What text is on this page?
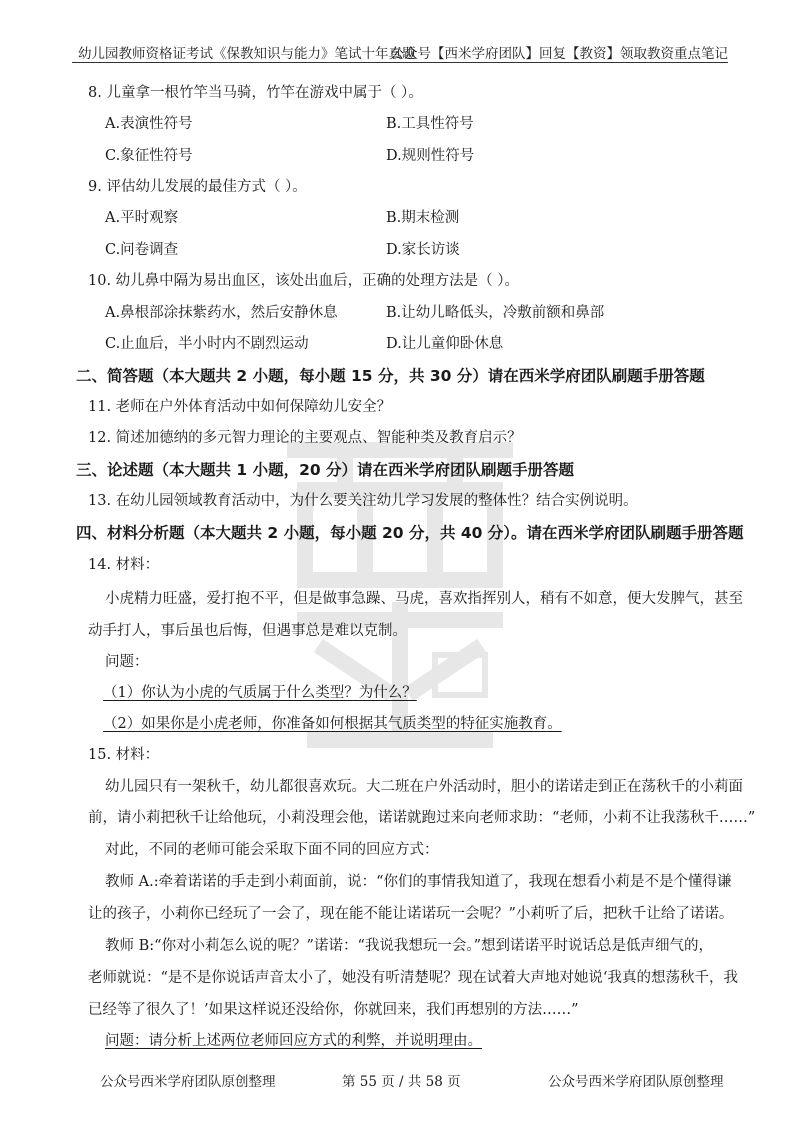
幼儿园教师资格证考试《保教知识与能力》笔试十年真题
公众号【西米学府团队】回复【教资】领取教资重点笔记
8. 儿童拿一根竹竿当马骑，竹竿在游戏中属于（ ）。
A.表演性符号	B.工具性符号
C.象征性符号	D.规则性符号
9. 评估幼儿发展的最佳方式（ ）。
A.平时观察	B.期末检测
C.问卷调查	D.家长访谈
10. 幼儿鼻中隔为易出血区，该处出血后，正确的处理方法是（ ）。
A.鼻根部涂抹紫药水，然后安静休息	B.让幼儿略低头，冷敷前额和鼻部
C.止血后，半小时内不剧烈运动	D.让儿童仰卧休息
二、简答题（本大题共 2 小题，每小题 15 分，共 30 分）请在西米学府团队刷题手册答题
11. 老师在户外体育活动中如何保障幼儿安全？
12. 简述加德纳的多元智力理论的主要观点、智能种类及教育启示？
三、论述题（本大题共 1 小题，20 分）请在西米学府团队刷题手册答题
13. 在幼儿园领域教育活动中，为什么要关注幼儿学习发展的整体性？结合实例说明。
四、材料分析题（本大题共 2 小题，每小题 20 分，共 40 分）。请在西米学府团队刷题手册答题
14. 材料：
小虎精力旺盛，爱打抱不平，但是做事急躁、马虎，喜欢指挥别人，稍有不如意，便大发脾气，甚至
动手打人，事后虽也后悔，但遇事总是难以克制。
问题：
（1）你认为小虎的气质属于什么类型？为什么？
（2）如果你是小虎老师，你准备如何根据其气质类型的特征实施教育。
15. 材料：
幼儿园只有一架秋千，幼儿都很喜欢玩。大二班在户外活动时，胆小的诺诺走到正在荡秋千的小莉面
前，请小莉把秋千让给他玩，小莉没理会他，诺诺就跑过来向老师求助：“老师，小莉不让我荡秋千……”
对此，不同的老师可能会采取下面不同的回应方式：
教师 A.:牵着诺诺的手走到小莉面前，说：“你们的事情我知道了，我现在想看小莉是不是个懂得谦
让的孩子，小莉你已经玩了一会了，现在能不能让诺诺玩一会呢？”小莉听了后，把秋千让给了诺诺。
教师 B:“你对小莉怎么说的呢？”诺诺：“我说我想玩一会。”想到诺诺平时说话总是低声细气的，
老师就说：“是不是你说话声音太小了，她没有听清楚呢？现在试着大声地对她说‘我真的想荡秋千，我
已经等了很久了！’如果这样说还没给你，你就回来，我们再想别的方法……”
问题：请分析上述两位老师回应方式的利弊，并说明理由。
公众号西米学府团队原创整理	第 55 页 / 共 58 页	公众号西米学府团队原创整理
